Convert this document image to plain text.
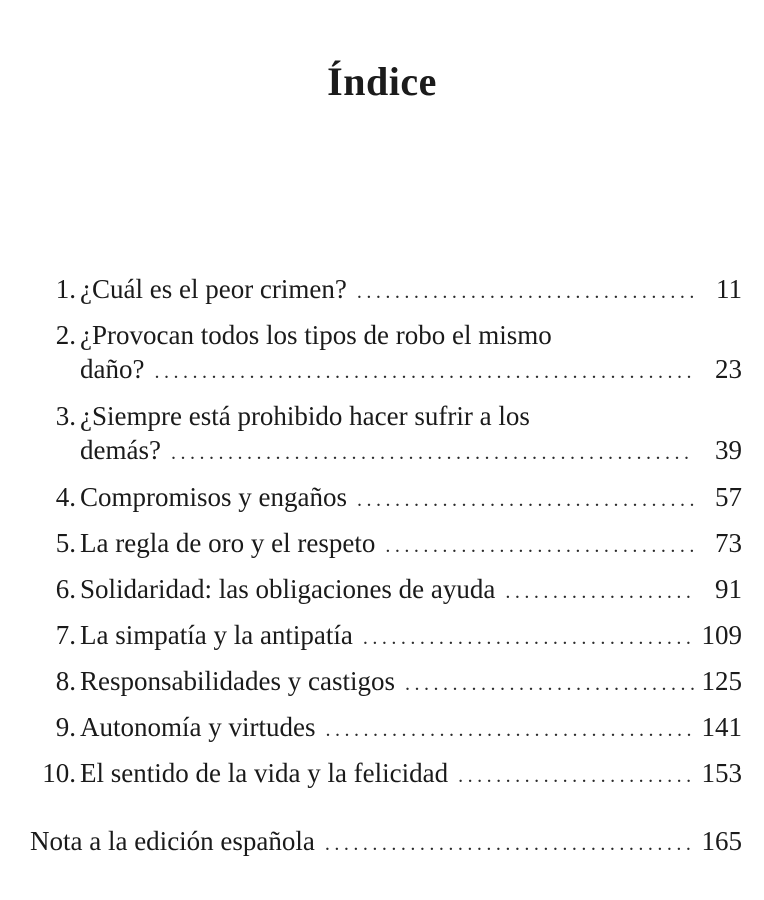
Índice
1. ¿Cuál es el peor crimen? .....	11
2. ¿Provocan todos los tipos de robo el mismo
daño? .....	23
3. ¿Siempre está prohibido hacer sufrir a los
demás? .....	39
4. Compromisos y engaños .....	57
5. La regla de oro y el respeto .....	73
6. Solidaridad: las obligaciones de ayuda .....	91
7. La simpatía y la antipatía .....	109
8. Responsabilidades y castigos .....	125
9. Autonomía y virtudes .....	141
10. El sentido de la vida y la felicidad .....	153
Nota a la edición española .....	165
